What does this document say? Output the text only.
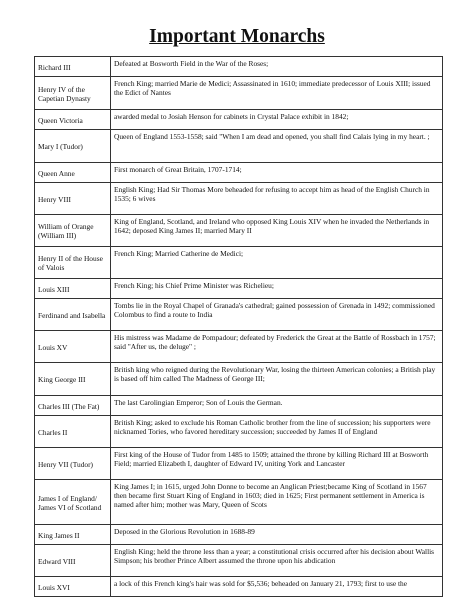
Important Monarchs
Richard III	Defeated at Bosworth Field in the War of the Roses;
Henry IV of the Capetian Dynasty	French King; married Marie de Medici; Assassinated in 1610; immediate predecessor of Louis XIII; issued the Edict of Nantes
Queen Victoria	awarded medal to Josiah Henson for cabinets in Crystal Palace exhibit in 1842;
Mary I (Tudor)	Queen of England 1553-1558; said "When I am dead and opened, you shall find Calais lying in my heart. ;
Queen Anne	First monarch of Great Britain, 1707-1714;
Henry VIII	English King; Had Sir Thomas More beheaded for refusing to accept him as head of the English Church in 1535; 6 wives
William of Orange (William III)	King of England, Scotland, and Ireland who opposed King Louis XIV when he invaded the Netherlands in 1642; deposed King James II; married Mary II
Henry II of the House of Valois	French King; Married Catherine de Medici;
Louis XIII	French King; his Chief Prime Minister was Richelieu;
Ferdinand and Isabella	Tombs lie in the Royal Chapel of Granada's cathedral; gained possession of Grenada in 1492; commissioned Colombus to find a route to India
Louis XV	His mistress was Madame de Pompadour; defeated by Frederick the Great at the Battle of Rossbach in 1757; said "After us, the deluge" ;
King George III	British king who reigned during the Revolutionary War, losing the thirteen American colonies; a British play is based off him called The Madness of George III;
Charles III (The Fat)	The last Carolingian Emperor; Son of Louis the German.
Charles II	British King; asked to exclude his Roman Catholic brother from the line of succession; his supporters were nicknamed Tories, who favored hereditary succession; succeeded by James II of England
Henry VII (Tudor)	First king of the House of Tudor from 1485 to 1509; attained the throne by killing Richard III at Bosworth Field; married Elizabeth I, daughter of Edward IV, uniting York and Lancaster
James I of England/ James VI of Scotland	King James I; in 1615, urged John Donne to become an Anglican Priest;became King of Scotland in 1567 then became first Stuart King of England in 1603; died in 1625; First permanent settlement in America is named after him; mother was Mary, Queen of Scots
King James II	Deposed in the Glorious Revolution in 1688-89
Edward VIII	English King; held the throne less than a year; a constitutional crisis occurred after his decision about Wallis Simpson; his brother Prince Albert assumed the throne upon his abdication
Louis XVI	a lock of this French king's hair was sold for $5,536; beheaded on January 21, 1793; first to use the
